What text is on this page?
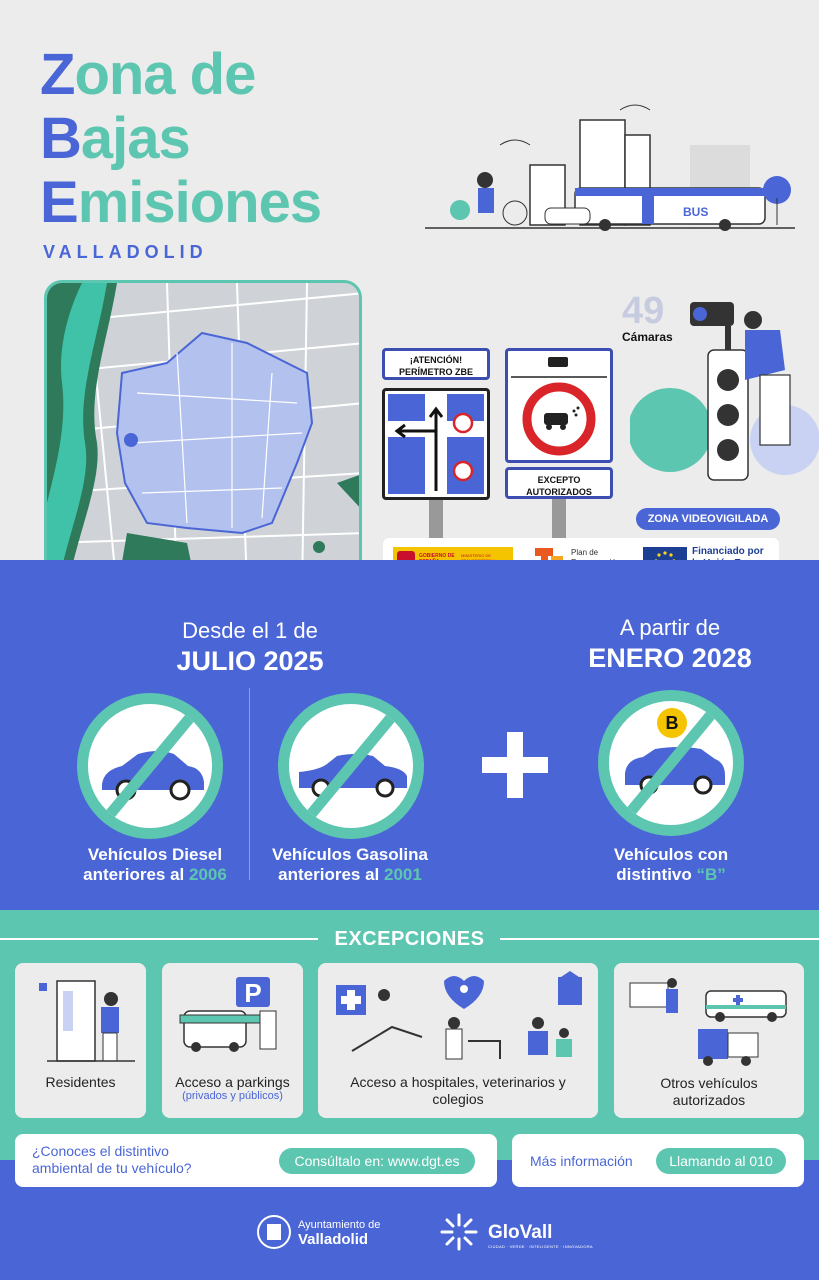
Zona de
Bajas
Emisiones
VALLADOLID
BUS
49
Cámaras
ZONA VIDEOVIGILADA
¡ATENCIÓN! PERÍMETRO ZBE
EXCEPTO AUTORIZADOS
GOBIERNO DE	MINISTERIO DE	Plan de	Financiado por
Desde el 1 de
JULIO 2025
A partir de
ENERO 2028
B
Vehículos Diesel
anteriores al 2006
Vehículos Gasolina
anteriores al 2001
Vehículos con
distintivo “B”
EXCEPCIONES
Residentes
P
Acceso a parkings
(privados y públicos)
Acceso a hospitales, veterinarios y colegios
Otros vehículos autorizados
¿Conoces el distintivo ambiental de tu vehículo?	Consúltalo en: www.dgt.es	Más información	Llamando al 010
Ayuntamiento de
Valladolid	GloVall
CIUDAD · VERDE · INTELIGENTE · INNOVADORA
